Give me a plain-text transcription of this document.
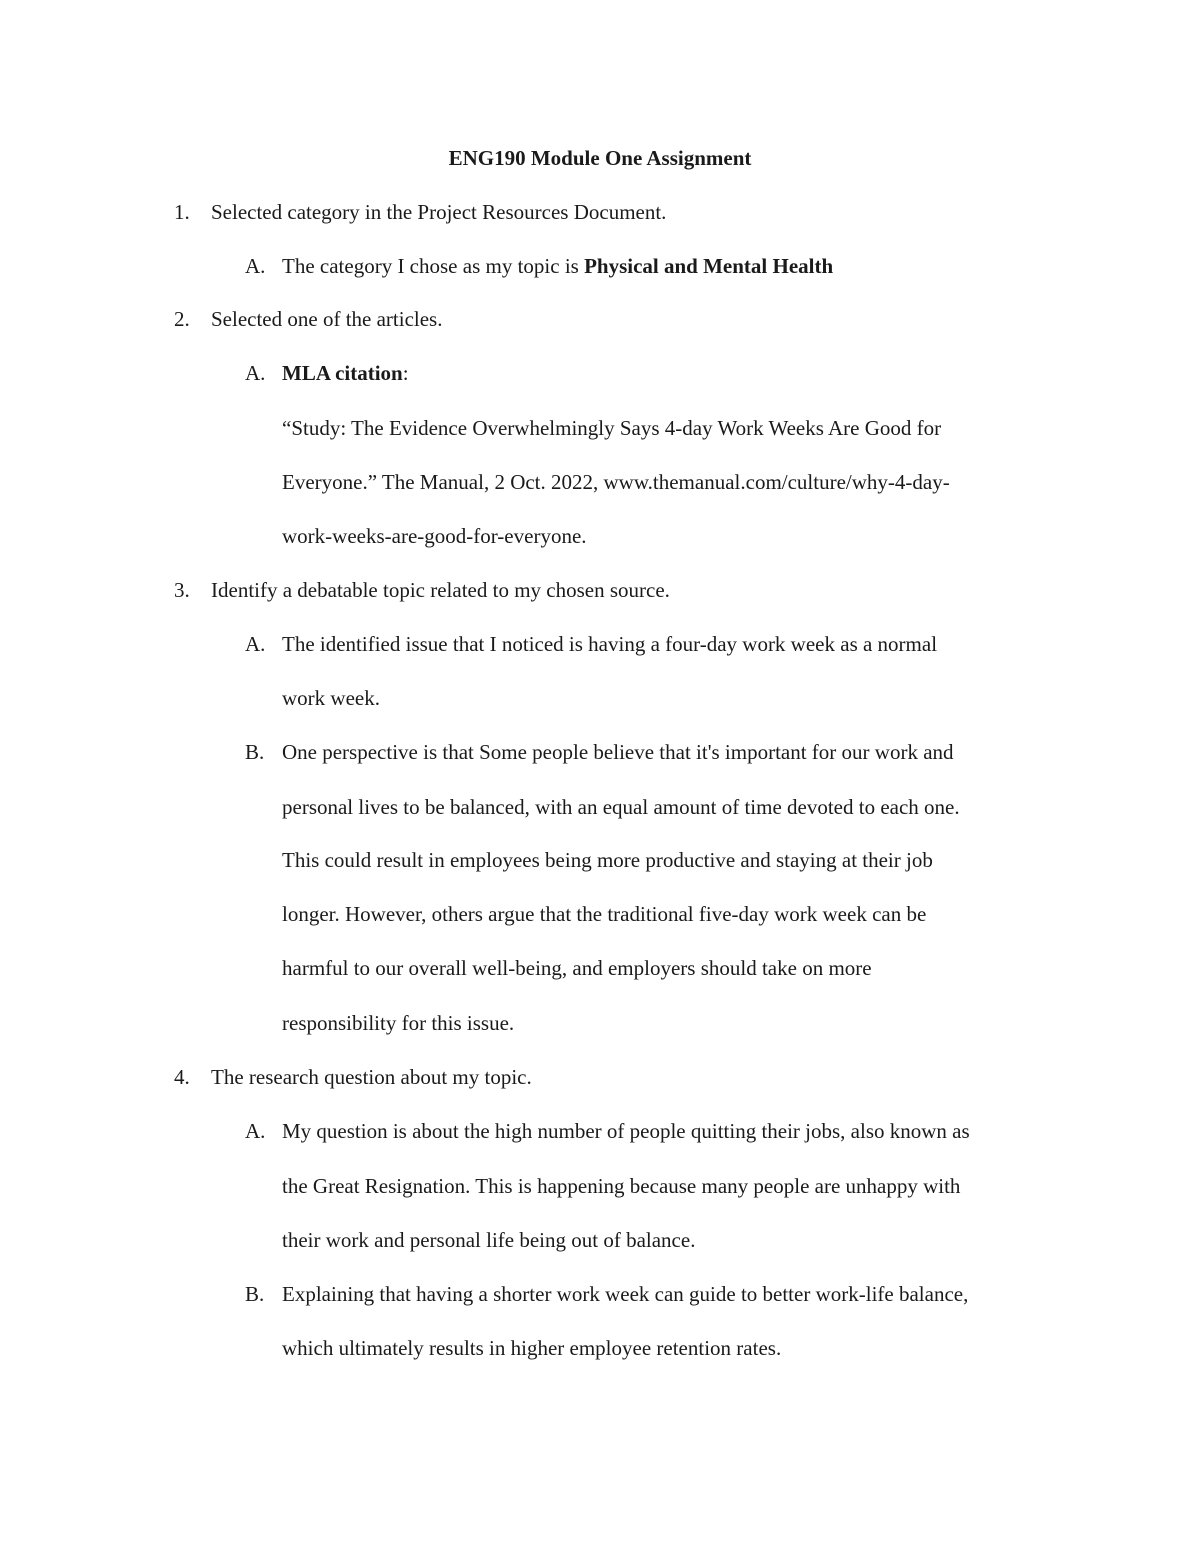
ENG190 Module One Assignment
1. Selected category in the Project Resources Document.
A. The category I chose as my topic is Physical and Mental Health
2. Selected one of the articles.
A. MLA citation:
“Study: The Evidence Overwhelmingly Says 4-day Work Weeks Are Good for
Everyone.” The Manual, 2 Oct. 2022, www.themanual.com/culture/why-4-day-
work-weeks-are-good-for-everyone.
3. Identify a debatable topic related to my chosen source.
A. The identified issue that I noticed is having a four-day work week as a normal
work week.
B. One perspective is that Some people believe that it's important for our work and
personal lives to be balanced, with an equal amount of time devoted to each one.
This could result in employees being more productive and staying at their job
longer. However, others argue that the traditional five-day work week can be
harmful to our overall well-being, and employers should take on more
responsibility for this issue.
4. The research question about my topic.
A. My question is about the high number of people quitting their jobs, also known as
the Great Resignation. This is happening because many people are unhappy with
their work and personal life being out of balance.
B. Explaining that having a shorter work week can guide to better work-life balance,
which ultimately results in higher employee retention rates.
